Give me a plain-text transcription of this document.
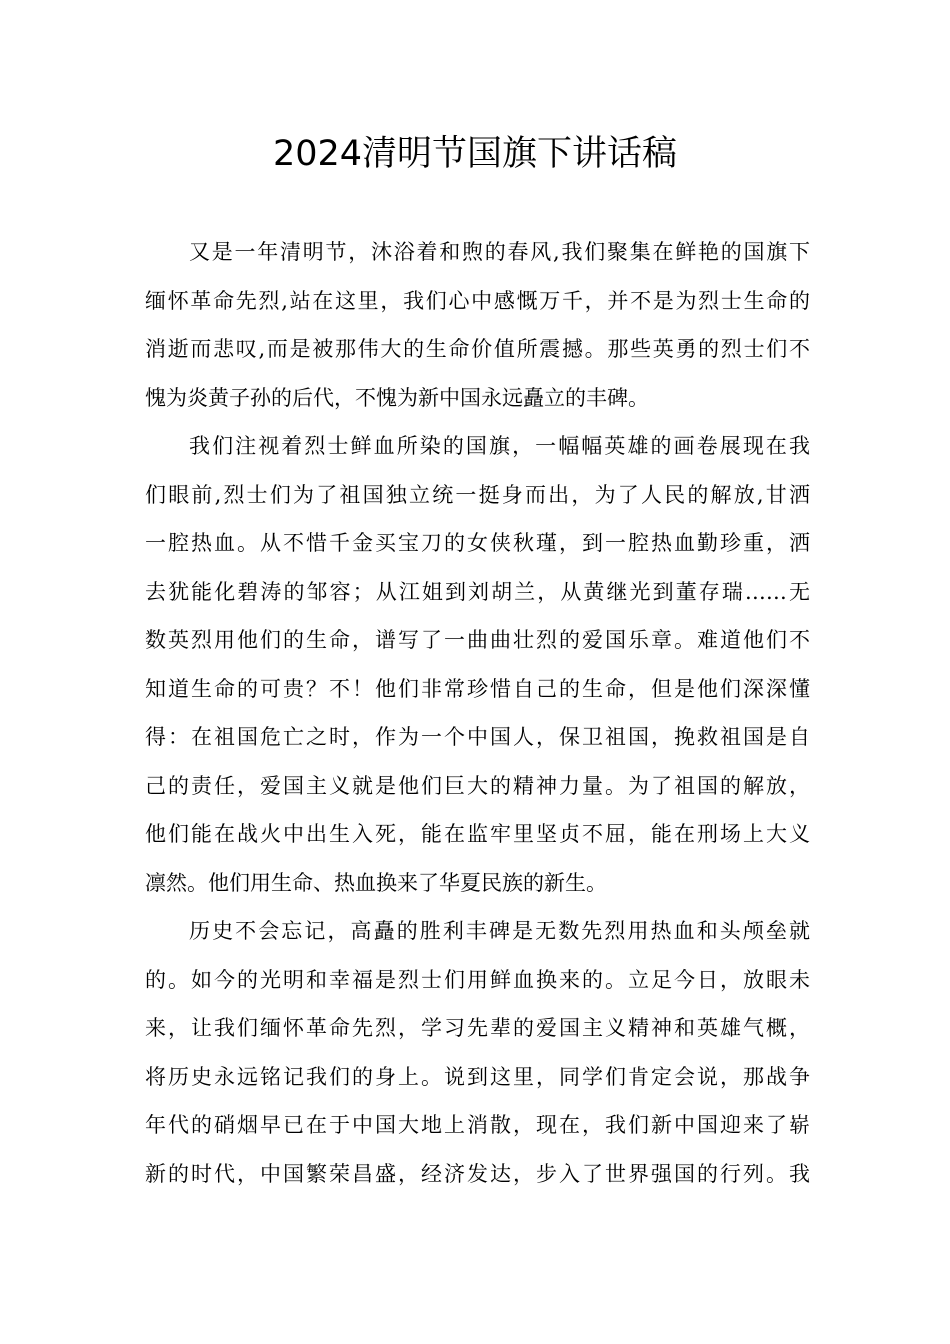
2024清明节国旗下讲话稿
又是一年清明节，沐浴着和煦的春风,我们聚集在鲜艳的国旗下
缅怀革命先烈,站在这里，我们心中感慨万千，并不是为烈士生命的
消逝而悲叹,而是被那伟大的生命价值所震撼。那些英勇的烈士们不
愧为炎黄子孙的后代，不愧为新中国永远矗立的丰碑。
我们注视着烈士鲜血所染的国旗，一幅幅英雄的画卷展现在我
们眼前,烈士们为了祖国独立统一挺身而出，为了人民的解放,甘洒
一腔热血。从不惜千金买宝刀的女侠秋瑾，到一腔热血勤珍重，洒
去犹能化碧涛的邹容；从江姐到刘胡兰，从黄继光到董存瑞……无
数英烈用他们的生命，谱写了一曲曲壮烈的爱国乐章。难道他们不
知道生命的可贵？不！他们非常珍惜自己的生命，但是他们深深懂
得：在祖国危亡之时，作为一个中国人，保卫祖国，挽救祖国是自
己的责任，爱国主义就是他们巨大的精神力量。为了祖国的解放，
他们能在战火中出生入死，能在监牢里坚贞不屈，能在刑场上大义
凛然。他们用生命、热血换来了华夏民族的新生。
历史不会忘记，高矗的胜利丰碑是无数先烈用热血和头颅垒就
的。如今的光明和幸福是烈士们用鲜血换来的。立足今日，放眼未
来，让我们缅怀革命先烈，学习先辈的爱国主义精神和英雄气概，
将历史永远铭记我们的身上。说到这里，同学们肯定会说，那战争
年代的硝烟早已在于中国大地上消散，现在，我们新中国迎来了崭
新的时代，中国繁荣昌盛，经济发达，步入了世界强国的行列。我
